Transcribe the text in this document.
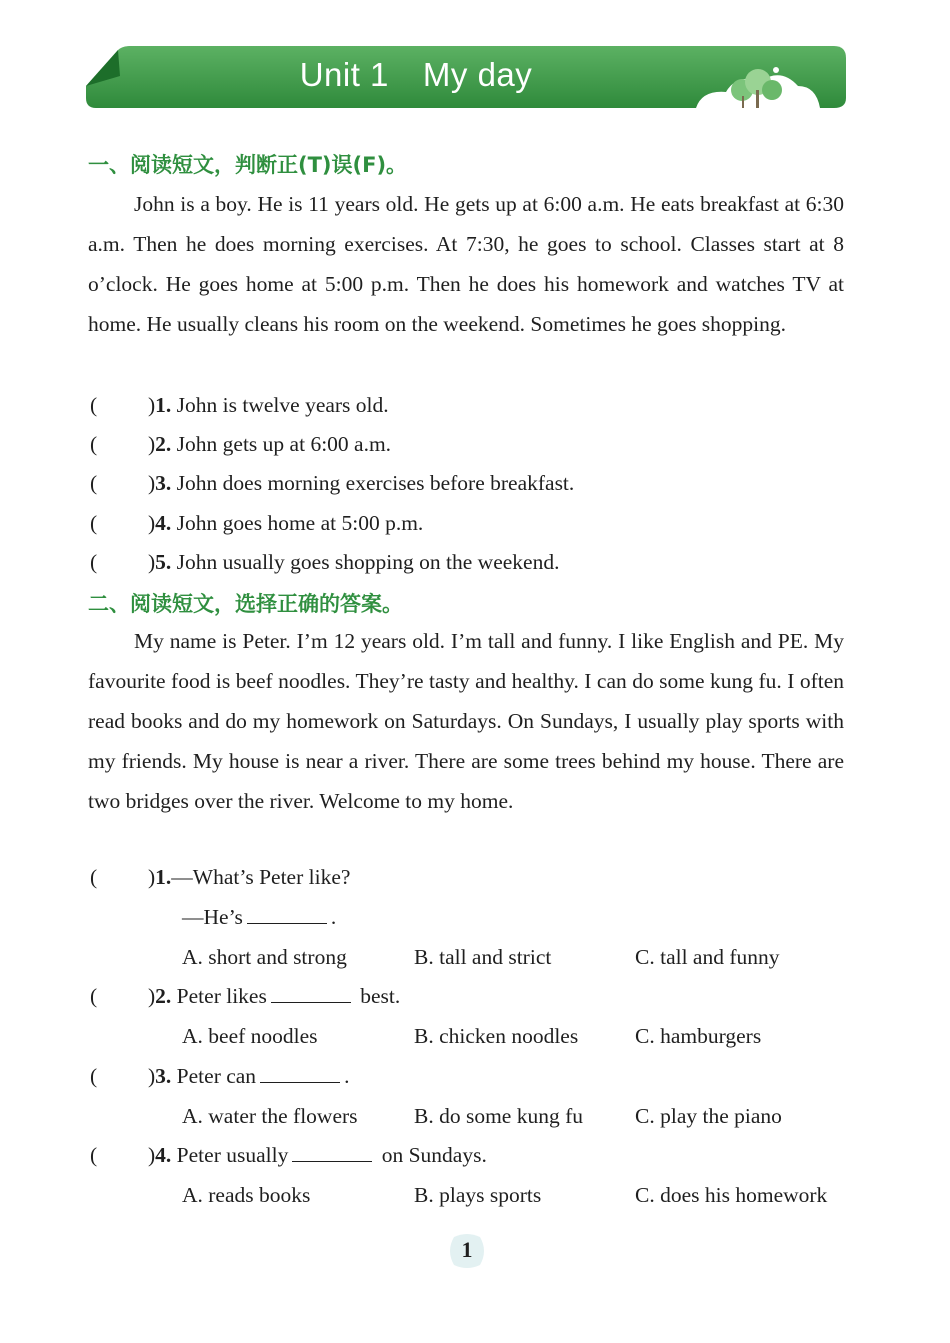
Unit 1 My day
一、阅读短文，判断正(T)误(F)。
John is a boy. He is 11 years old. He gets up at 6:00 a.m. He eats breakfast at 6:30 a.m. Then he does morning exercises. At 7:30, he goes to school. Classes start at 8 o’clock. He goes home at 5:00 p.m. Then he does his homework and watches TV at home. He usually cleans his room on the weekend. Sometimes he goes shopping.
( )1. John is twelve years old.
( )2. John gets up at 6:00 a.m.
( )3. John does morning exercises before breakfast.
( )4. John goes home at 5:00 p.m.
( )5. John usually goes shopping on the weekend.
二、阅读短文，选择正确的答案。
My name is Peter. I’m 12 years old. I’m tall and funny. I like English and PE. My favourite food is beef noodles. They’re tasty and healthy. I can do some kung fu. I often read books and do my homework on Saturdays. On Sundays, I usually play sports with my friends. My house is near a river. There are some trees behind my house. There are two bridges over the river. Welcome to my home.
( )1.—What’s Peter like?
—He’s	.
A. short and strong	B. tall and strict	C. tall and funny
( )2. Peter likes	best.
A. beef noodles	B. chicken noodles	C. hamburgers
( )3. Peter can	.
A. water the flowers	B. do some kung fu C. play the piano
( )4. Peter usually	on Sundays.
A. reads books	B. plays sports	C. does his homework
1
